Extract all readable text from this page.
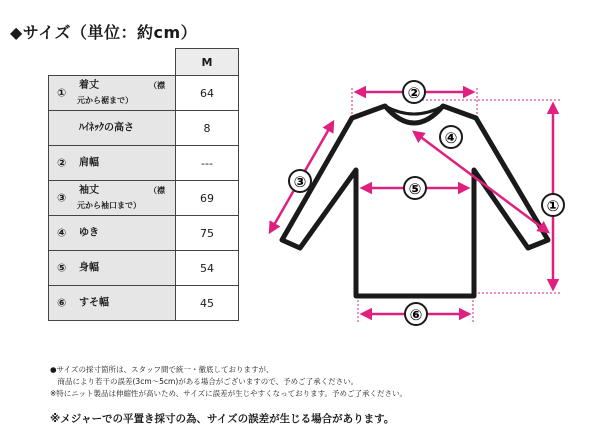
◆サイズ（単位：約cm）
	M

①
着丈 （襟
元から裾まで）	64

ﾊｲﾈｯｸの高さ	8

② 肩幅	---

③
袖丈 （襟
元から袖口まで）	69

④ ゆき	75

⑤ 身幅	54

⑥ すそ幅	45
②
①
③
④
⑤
⑥
●サイズの採寸箇所は、スタッフ間で統一・徹底しておりますが、
　商品により若干の誤差(3cm〜5cm)がある場合がございますので、予めご了承ください。
※特にニット製品は伸縮性が高いため、サイズに誤差が生じやすくなっております。予めご了承ください。
※メジャーでの平置き採寸の為、サイズの誤差が生じる場合があります。
